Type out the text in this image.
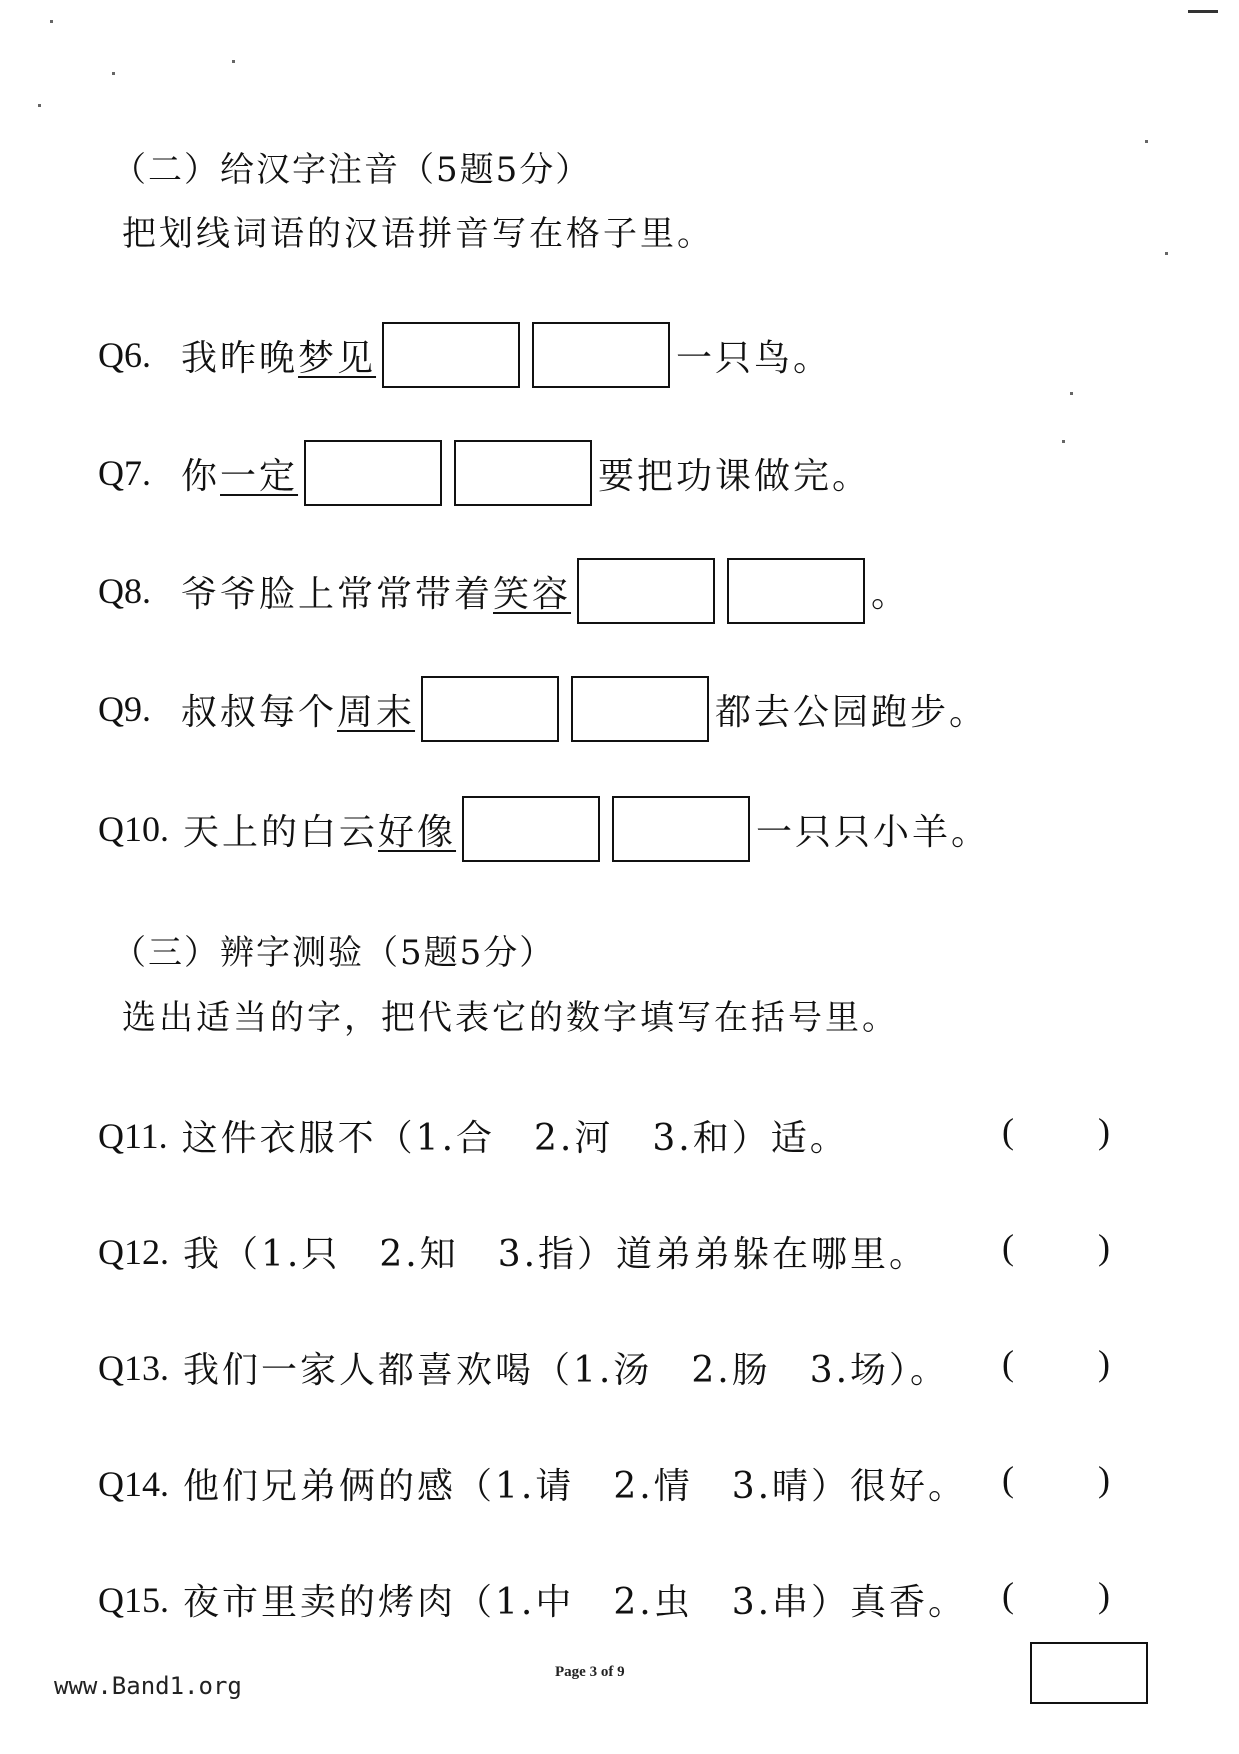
（二）给汉字注音（5题5分）
把划线词语的汉语拼音写在格子里。
Q6. 我昨晚 梦见	一只鸟。
Q7. 你 一定	要把功课做完。
Q8. 爷爷脸上常常带着 笑容	。
Q9. 叔叔每个 周末	都去公园跑步。
Q10. 天上的白云 好像	一只只小羊。
（三）辨字测验（5题5分）
选出适当的字，把代表它的数字填写在括号里。
Q11. 这件衣服不（1.合　2.河　3.和）适。
Q12. 我（1.只　2.知　3.指）道弟弟躲在哪里。
Q13. 我们一家人都喜欢喝（1.汤　2.肠　3.场）。
Q14. 他们兄弟俩的感（1.请　2.情　3.晴）很好。
Q15. 夜市里卖的烤肉（1.中　2.虫　3.串）真香。
( )
( )
( )
( )
( )
www.Band1.org	Page 3 of 9
